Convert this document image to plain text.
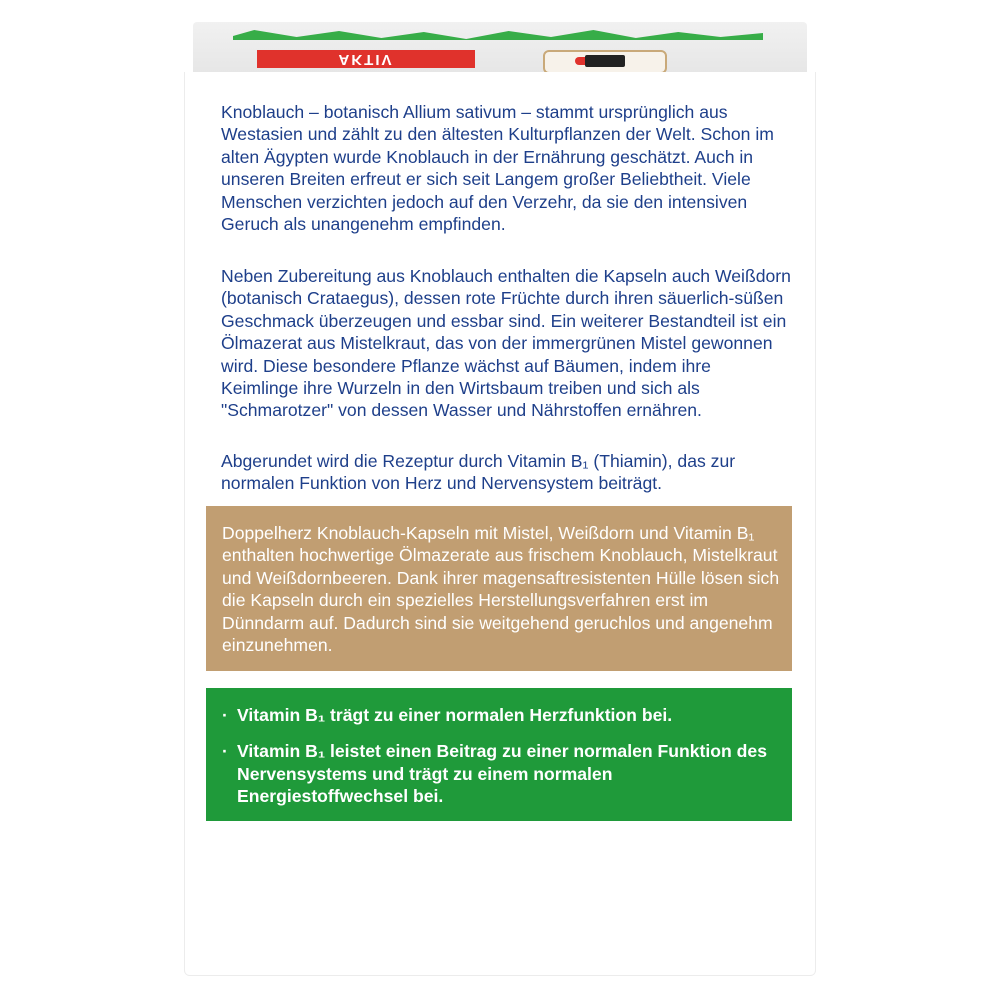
AKTIV

Knoblauch – botanisch Allium sativum – stammt ursprünglich aus Westasien und zählt zu den ältesten Kulturpflanzen der Welt. Schon im alten Ägypten wurde Knoblauch in der Ernährung geschätzt. Auch in unseren Breiten erfreut er sich seit Langem großer Beliebtheit. Viele Menschen verzichten jedoch auf den Verzehr, da sie den intensiven Geruch als unangenehm empfinden.

Neben Zubereitung aus Knoblauch enthalten die Kapseln auch Weißdorn (botanisch Crataegus), dessen rote Früchte durch ihren säuerlich-süßen Geschmack überzeugen und essbar sind. Ein weiterer Bestandteil ist ein Ölmazerat aus Mistelkraut, das von der immergrünen Mistel gewonnen wird. Diese besondere Pflanze wächst auf Bäumen, indem ihre Keimlinge ihre Wurzeln in den Wirtsbaum treiben und sich als "Schmarotzer" von dessen Wasser und Nährstoffen ernähren.

Abgerundet wird die Rezeptur durch Vitamin B₁ (Thiamin), das zur normalen Funktion von Herz und Nervensystem beiträgt.

Doppelherz Knoblauch-Kapseln mit Mistel, Weißdorn und Vitamin B₁ enthalten hochwertige Ölmazerate aus frischem Knoblauch, Mistelkraut und Weißdornbeeren. Dank ihrer magensaftresistenten Hülle lösen sich die Kapseln durch ein spezielles Herstellungsverfahren erst im Dünndarm auf. Dadurch sind sie weitgehend geruchlos und angenehm einzunehmen.

· Vitamin B₁ trägt zu einer normalen Herzfunktion bei.
· Vitamin B₁ leistet einen Beitrag zu einer normalen Funktion des Nervensystems und trägt zu einem normalen Energiestoffwechsel bei.
